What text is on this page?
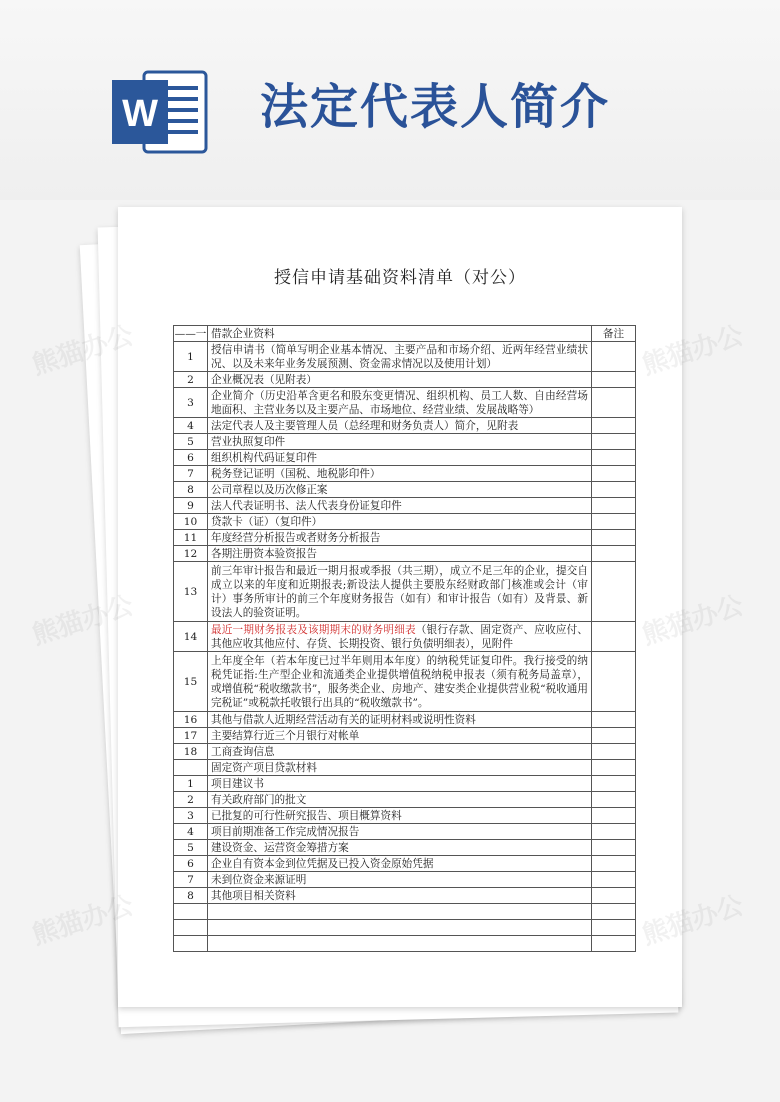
W 法定代表人简介
授信申请基础资料清单（对公）
——一	借款企业资料	备注
1	授信申请书（简单写明企业基本情况、主要产品和市场介绍、近两年经营业绩状况、以及未来年业务发展预测、资金需求情况以及使用计划）	
2	企业概况表（见附表）	
3	企业简介（历史沿革含更名和股东变更情况、组织机构、员工人数、自由经营场地面积、主营业务以及主要产品、市场地位、经营业绩、发展战略等）	
4	法定代表人及主要管理人员（总经理和财务负责人）简介，见附表	
5	营业执照复印件	
6	组织机构代码证复印件	
7	税务登记证明（国税、地税影印件）	
8	公司章程以及历次修正案	
9	法人代表证明书、法人代表身份证复印件	
10	贷款卡（证）（复印件）	
11	年度经营分析报告或者财务分析报告	
12	各期注册资本验资报告	
13	前三年审计报告和最近一期月报或季报（共三期），成立不足三年的企业，提交自成立以来的年度和近期报表;新设法人提供主要股东经财政部门核准或会计（审计）事务所审计的前三个年度财务报告（如有）和审计报告（如有）及背景、新设法人的验资证明。	
14	最近一期财务报表及该期期末的财务明细表（银行存款、固定资产、应收应付、其他应收其他应付、存货、长期投资、银行负债明细表），见附件	
15	上年度全年（若本年度已过半年则用本年度）的纳税凭证复印件。我行接受的纳税凭证指:生产型企业和流通类企业提供增值税纳税申报表（须有税务局盖章），或增值税“税收缴款书”，服务类企业、房地产、建安类企业提供营业税“税收通用完税证”或税款托收银行出具的“税收缴款书”。	
16	其他与借款人近期经营活动有关的证明材料或说明性资料	
17	主要结算行近三个月银行对帐单	
18	工商查询信息	
	固定资产项目贷款材料	
1	项目建议书	
2	有关政府部门的批文	
3	已批复的可行性研究报告、项目概算资料	
4	项目前期准备工作完成情况报告	
5	建设资金、运营资金筹措方案	
6	企业自有资本金到位凭据及已投入资金原始凭据	
7	未到位资金来源证明	
8	其他项目相关资料	

熊猫办公	熊猫办公
熊猫办公	熊猫办公
熊猫办公	熊猫办公
